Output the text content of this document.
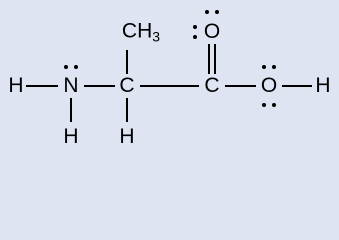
H N
H
C
$CH_3$
H
C
O
O H
